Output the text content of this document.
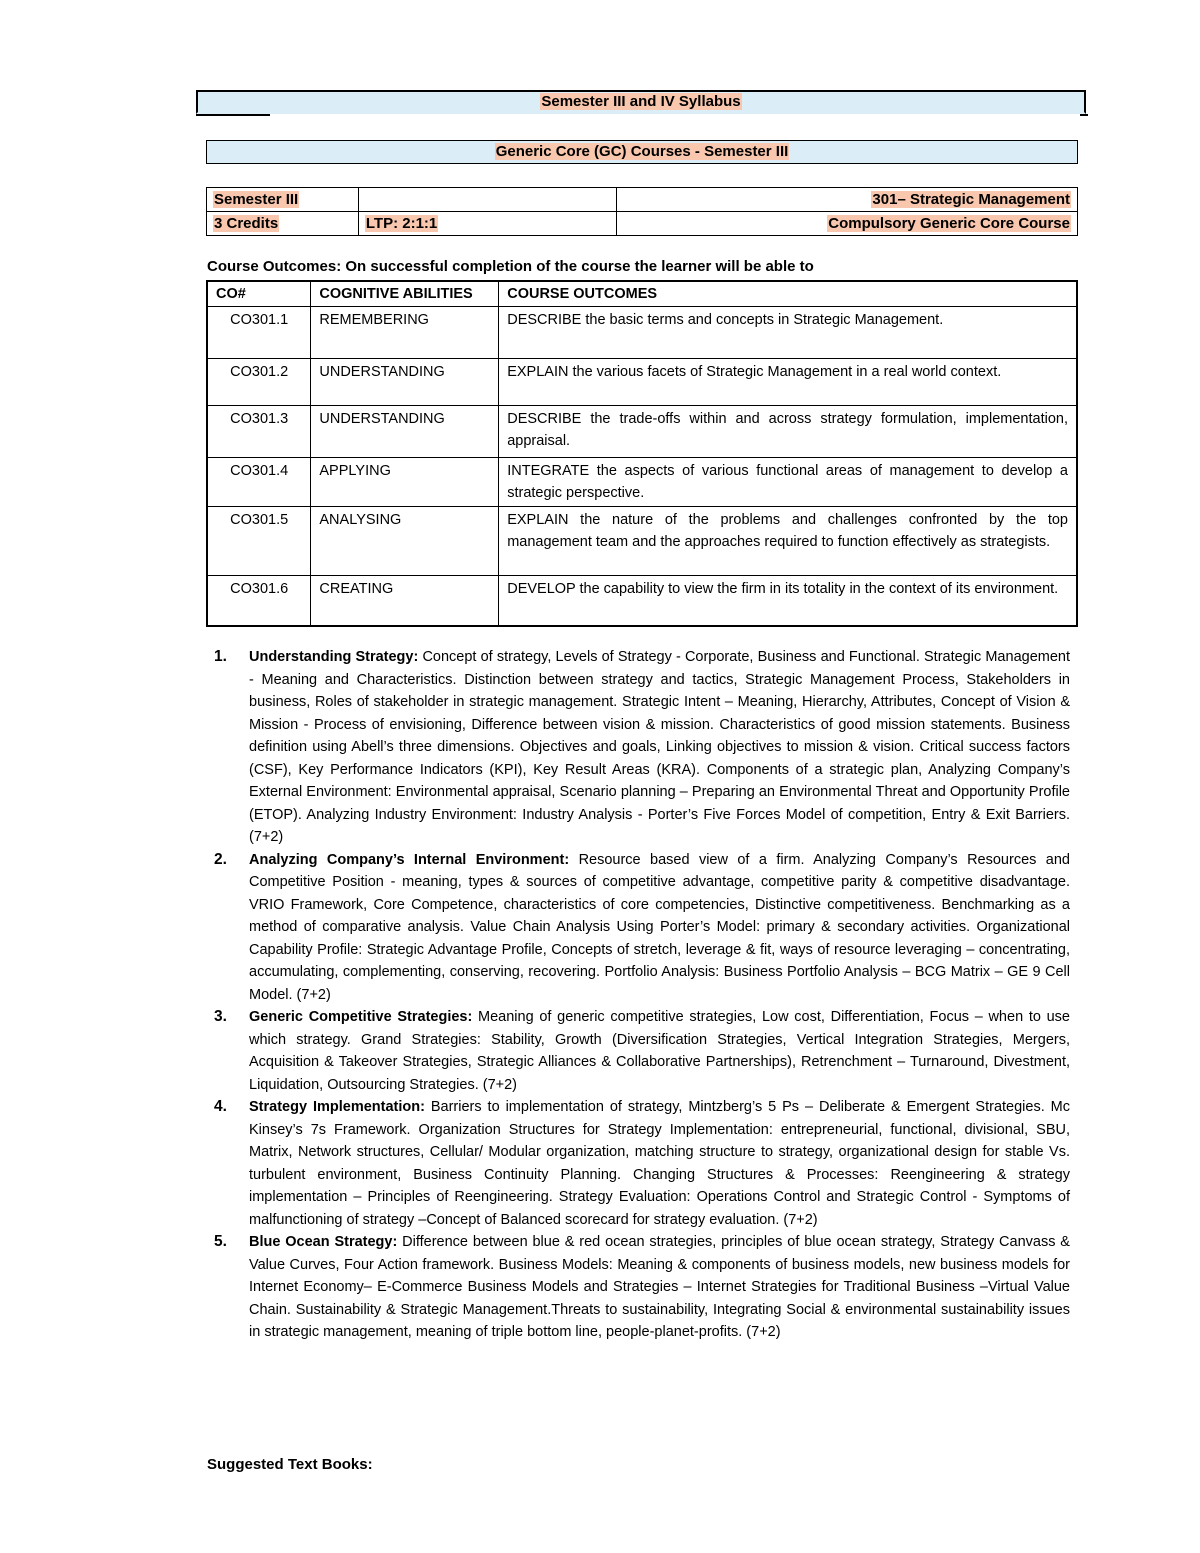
Semester III and IV Syllabus
Generic Core (GC) Courses - Semester III
Semester III		301– Strategic Management
3 Credits	LTP: 2:1:1	Compulsory Generic Core Course
Course Outcomes: On successful completion of the course the learner will be able to
CO#	COGNITIVE ABILITIES	COURSE OUTCOMES
CO301.1	REMEMBERING	DESCRIBE the basic terms and concepts in Strategic Management.
CO301.2	UNDERSTANDING	EXPLAIN the various facets of Strategic Management in a real world context.
CO301.3	UNDERSTANDING	DESCRIBE the trade-offs within and across strategy formulation, implementation, appraisal.
CO301.4	APPLYING	INTEGRATE the aspects of various functional areas of management to develop a strategic perspective.
CO301.5	ANALYSING	EXPLAIN the nature of the problems and challenges confronted by the top management team and the approaches required to function effectively as strategists.
CO301.6	CREATING	DEVELOP the capability to view the firm in its totality in the context of its environment.
1. Understanding Strategy: Concept of strategy, Levels of Strategy - Corporate, Business and Functional. Strategic Management - Meaning and Characteristics. Distinction between strategy and tactics, Strategic Management Process, Stakeholders in business, Roles of stakeholder in strategic management. Strategic Intent – Meaning, Hierarchy, Attributes, Concept of Vision & Mission - Process of envisioning, Difference between vision & mission. Characteristics of good mission statements. Business definition using Abell’s three dimensions. Objectives and goals, Linking objectives to mission & vision. Critical success factors (CSF), Key Performance Indicators (KPI), Key Result Areas (KRA). Components of a strategic plan, Analyzing Company’s External Environment: Environmental appraisal, Scenario planning – Preparing an Environmental Threat and Opportunity Profile (ETOP). Analyzing Industry Environment: Industry Analysis - Porter’s Five Forces Model of competition, Entry & Exit Barriers. (7+2)
2. Analyzing Company’s Internal Environment: Resource based view of a firm. Analyzing Company’s Resources and Competitive Position - meaning, types & sources of competitive advantage, competitive parity & competitive disadvantage. VRIO Framework, Core Competence, characteristics of core competencies, Distinctive competitiveness. Benchmarking as a method of comparative analysis. Value Chain Analysis Using Porter’s Model: primary & secondary activities. Organizational Capability Profile: Strategic Advantage Profile, Concepts of stretch, leverage & fit, ways of resource leveraging – concentrating, accumulating, complementing, conserving, recovering. Portfolio Analysis: Business Portfolio Analysis – BCG Matrix – GE 9 Cell Model. (7+2)
3. Generic Competitive Strategies: Meaning of generic competitive strategies, Low cost, Differentiation, Focus – when to use which strategy. Grand Strategies: Stability, Growth (Diversification Strategies, Vertical Integration Strategies, Mergers, Acquisition & Takeover Strategies, Strategic Alliances & Collaborative Partnerships), Retrenchment – Turnaround, Divestment, Liquidation, Outsourcing Strategies. (7+2)
4. Strategy Implementation: Barriers to implementation of strategy, Mintzberg’s 5 Ps – Deliberate & Emergent Strategies. Mc Kinsey’s 7s Framework. Organization Structures for Strategy Implementation: entrepreneurial, functional, divisional, SBU, Matrix, Network structures, Cellular/ Modular organization, matching structure to strategy, organizational design for stable Vs. turbulent environment, Business Continuity Planning. Changing Structures & Processes: Reengineering & strategy implementation – Principles of Reengineering. Strategy Evaluation: Operations Control and Strategic Control - Symptoms of malfunctioning of strategy –Concept of Balanced scorecard for strategy evaluation. (7+2)
5. Blue Ocean Strategy: Difference between blue & red ocean strategies, principles of blue ocean strategy, Strategy Canvass & Value Curves, Four Action framework. Business Models: Meaning & components of business models, new business models for Internet Economy– E-Commerce Business Models and Strategies – Internet Strategies for Traditional Business –Virtual Value Chain. Sustainability & Strategic Management.Threats to sustainability, Integrating Social & environmental sustainability issues in strategic management, meaning of triple bottom line, people-planet-profits. (7+2)
Suggested Text Books:
